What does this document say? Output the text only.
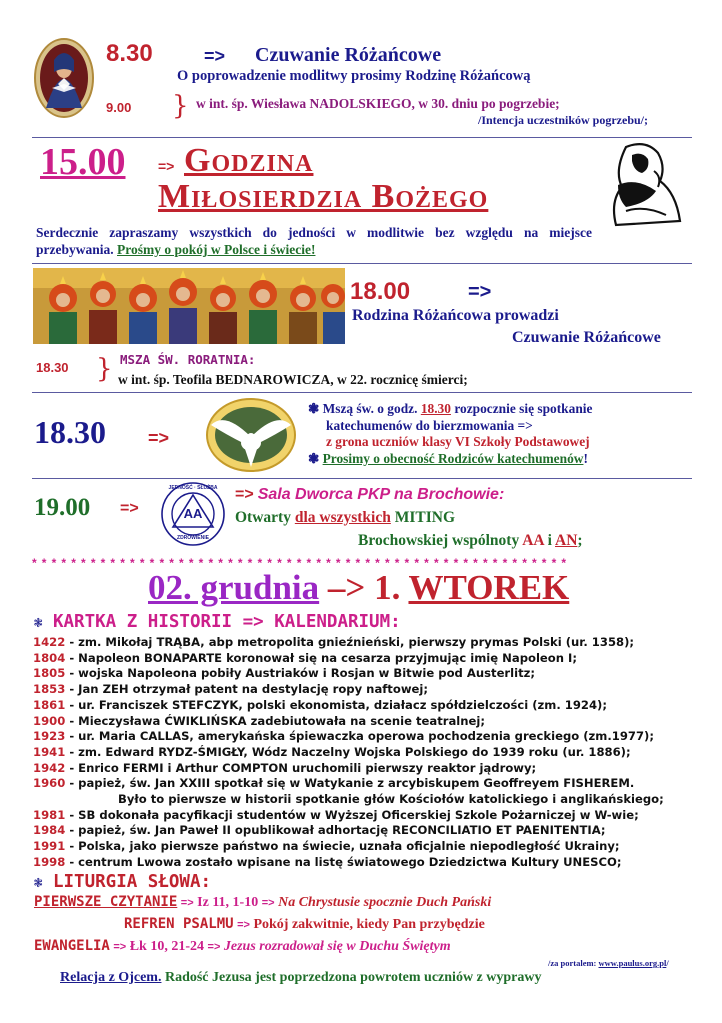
8.30	=> Czuwanie Różańcowe
O poprowadzenie modlitwy prosimy Rodzinę Różańcową
9.00 } w int. śp. Wiesława NADOLSKIEGO, w 30. dniu po pogrzebie;
/Intencja uczestników pogrzebu/;
15.00 => Godzina
Miłosierdzia Bożego
Serdecznie zapraszamy wszystkich do jedności w modlitwie bez względu na miejsce przebywania. Prośmy o pokój w Polsce i świecie!
18.00	=>
Rodzina Różańcowa prowadzi
Czuwanie Różańcowe
18.30 } MSZA ŚW. RORATNIA:
w int. śp. Teofila BEDNAROWICZA, w 22. rocznicę śmierci;
18.30 =>
❃ Mszą św. o godz. 18.30 rozpocznie się spotkanie
katechumenów do bierzmowania =>
z grona uczniów klasy VI Szkoły Podstawowej
❃ Prosimy o obecność Rodziców katechumenów!
19.00 =>	AA
JEDNOŚĆ · SŁUŻBA
ZDROWIENIE
=> Sala Dworca PKP na Brochowie:
Otwarty dla wszystkich MITING
Brochowskiej wspólnoty AA i AN;
* * * * * * * * * * * * * * * * * * * * * * * * * * * * * * * * * * * * * * * * * * * * * * * * * * * * * * *
02. grudnia –> 1. WTOREK
❃ KARTKA Z HISTORII => KALENDARIUM:
1422 - zm. Mikołaj TRĄBA, abp metropolita gnieźnieński, pierwszy prymas Polski (ur. 1358);
1804 - Napoleon BONAPARTE koronował się na cesarza przyjmując imię Napoleon I;
1805 - wojska Napoleona pobiły Austriaków i Rosjan w Bitwie pod Austerlitz;
1853 - Jan ZEH otrzymał patent na destylację ropy naftowej;
1861 - ur. Franciszek STEFCZYK, polski ekonomista, działacz spółdzielczości (zm. 1924);
1900 - Mieczysława ĆWIKLIŃSKA zadebiutowała na scenie teatralnej;
1923 - ur. Maria CALLAS, amerykańska śpiewaczka operowa pochodzenia greckiego (zm.1977);
1941 - zm. Edward RYDZ-ŚMIGŁY, Wódz Naczelny Wojska Polskiego do 1939 roku (ur. 1886);
1942 - Enrico FERMI i Arthur COMPTON uruchomili pierwszy reaktor jądrowy;
1960 - papież, św. Jan XXIII spotkał się w Watykanie z arcybiskupem Geoffreyem FISHEREM.
Było to pierwsze w historii spotkanie głów Kościołów katolickiego i anglikańskiego;
1981 - SB dokonała pacyfikacji studentów w Wyższej Oficerskiej Szkole Pożarniczej w W-wie;
1984 - papież, św. Jan Paweł II opublikował adhortację RECONCILIATIO ET PAENITENTIA;
1991 - Polska, jako pierwsze państwo na świecie, uznała oficjalnie niepodległość Ukrainy;
1998 - centrum Lwowa zostało wpisane na listę światowego Dziedzictwa Kultury UNESCO;
❃ LITURGIA SŁOWA:
PIERWSZE CZYTANIE => Iz 11, 1-10 => Na Chrystusie spocznie Duch Pański
REFREN PSALMU => Pokój zakwitnie, kiedy Pan przybędzie
EWANGELIA => Łk 10, 21-24 => Jezus rozradował się w Duchu Świętym
/za portalem: www.paulus.org.pl/
Relacja z Ojcem. Radość Jezusa jest poprzedzona powrotem uczniów z wyprawy
